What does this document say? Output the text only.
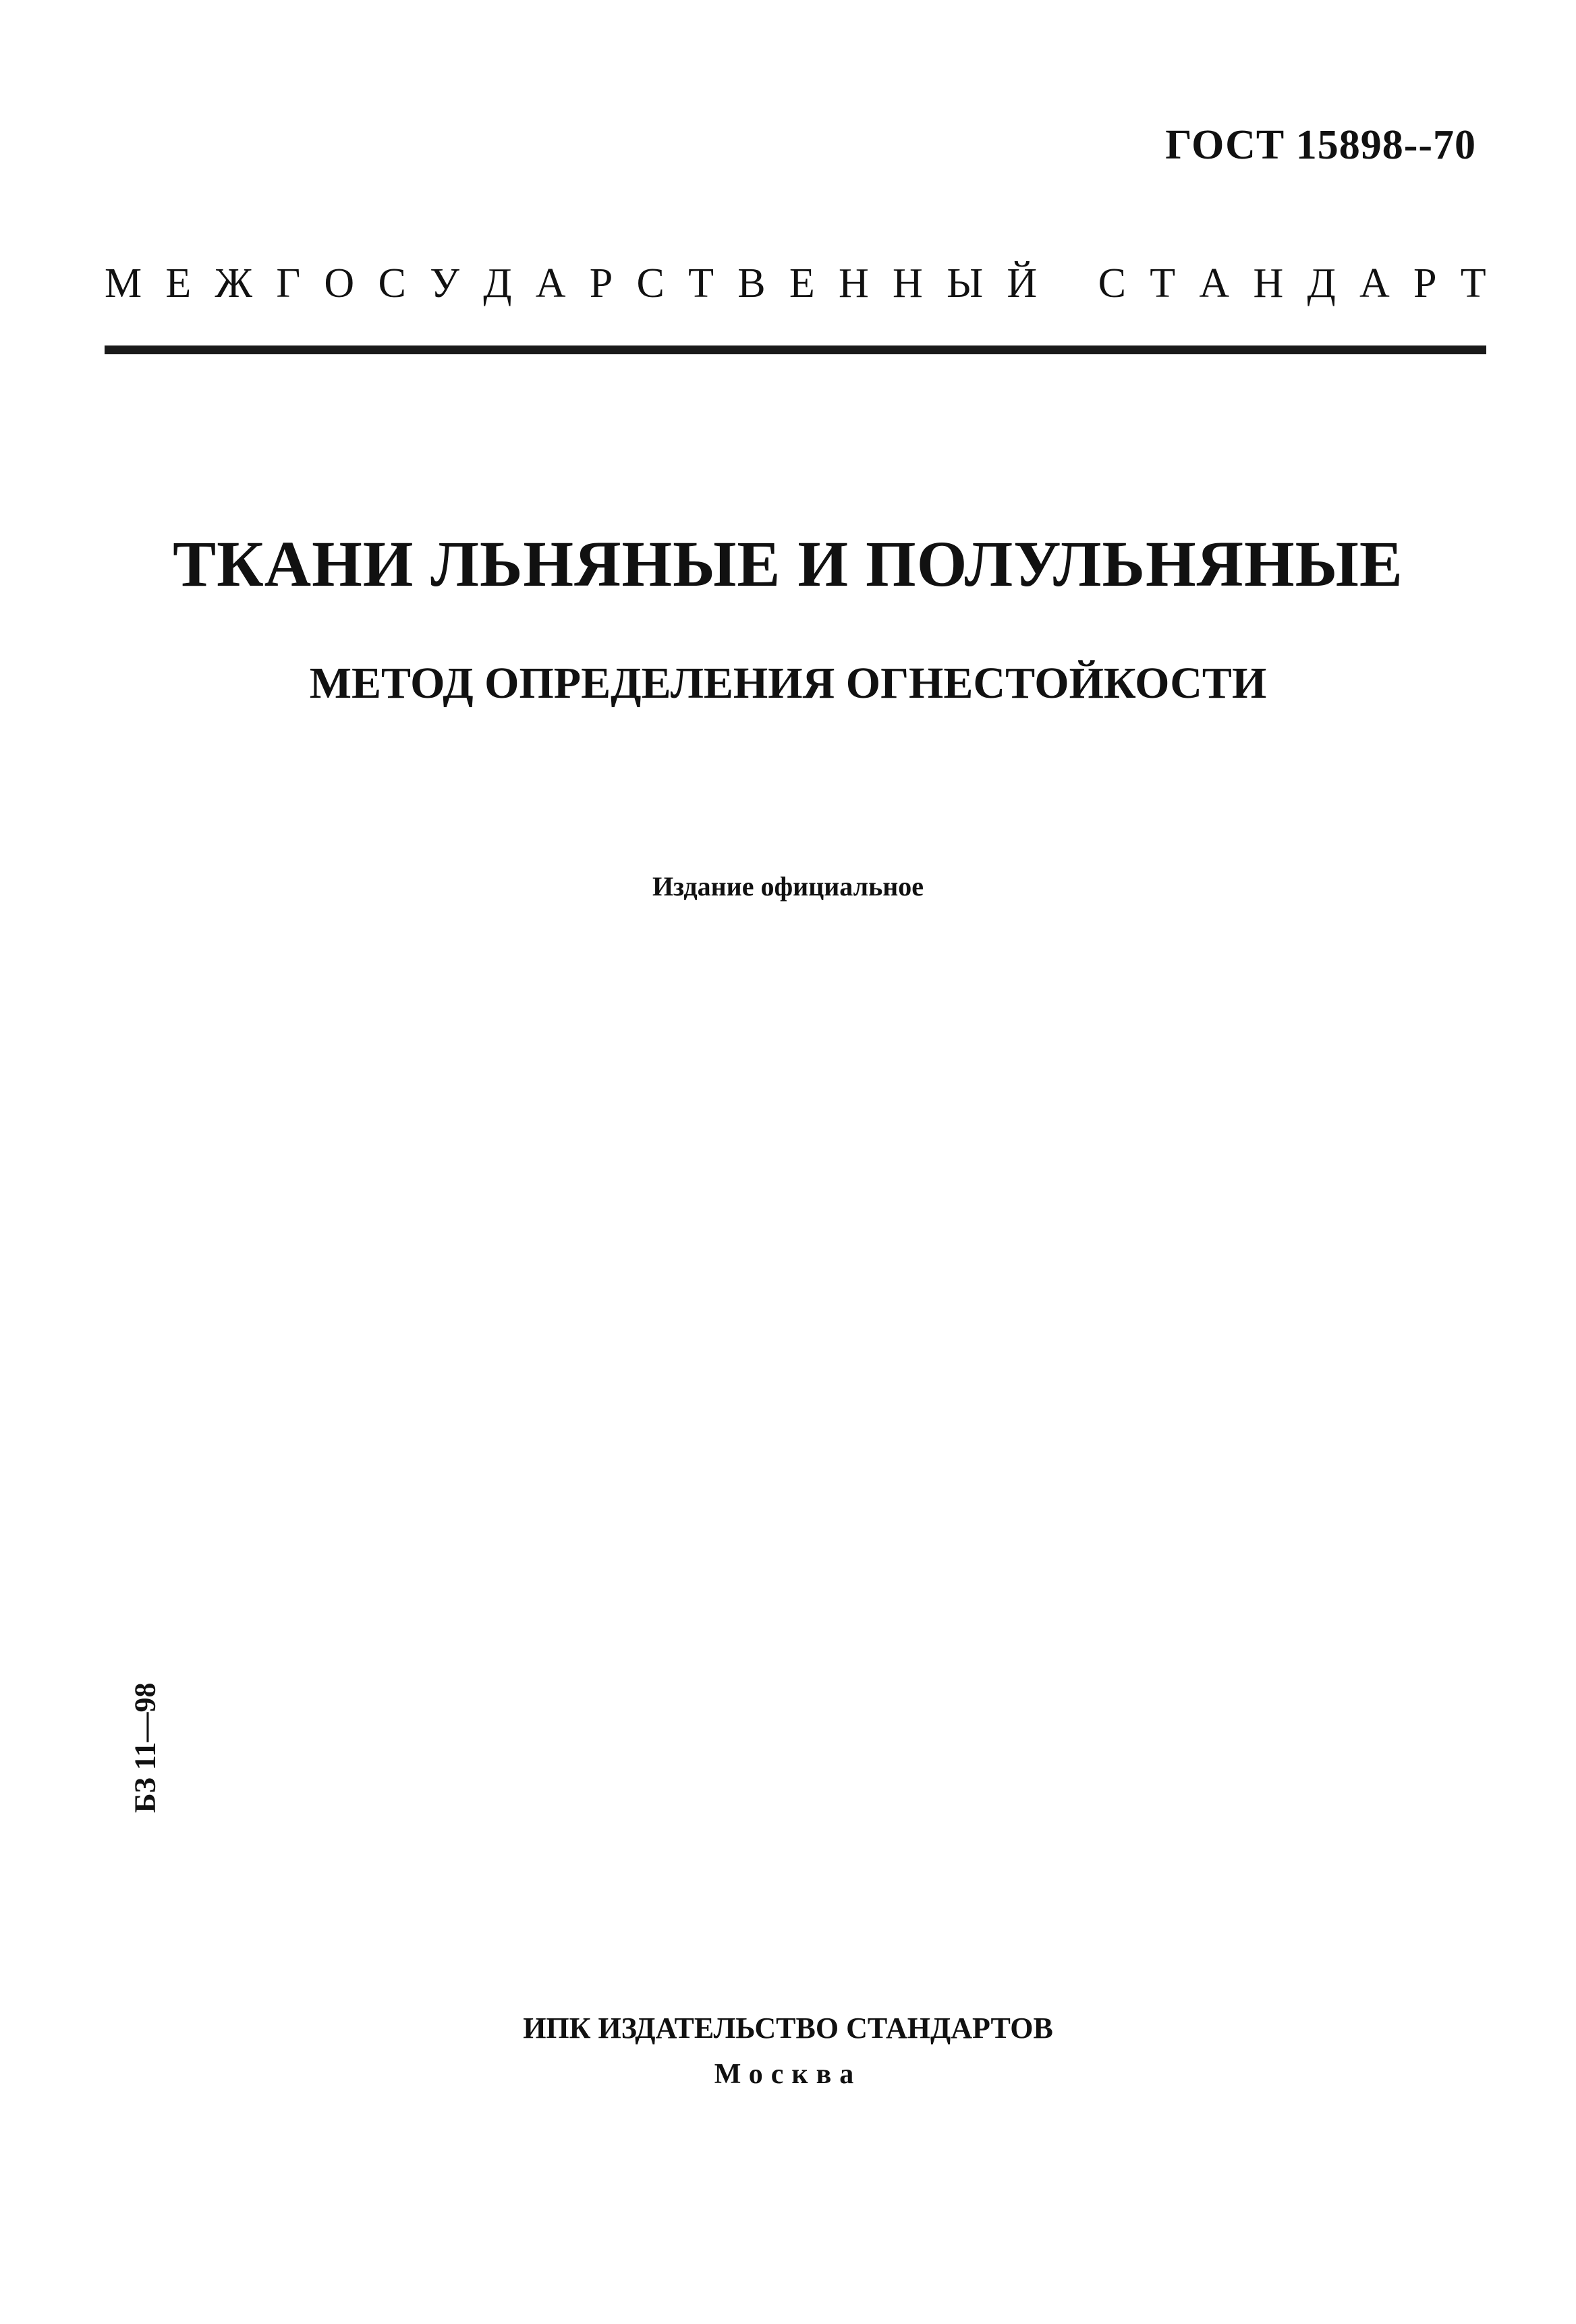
ГОСТ 15898--70
М Е Ж Г О С У Д А Р С Т В Е Н Н Ы Й С Т А Н Д А Р Т
ТКАНИ ЛЬНЯНЫЕ И ПОЛУЛЬНЯНЫЕ
МЕТОД ОПРЕДЕЛЕНИЯ ОГНЕСТОЙКОСТИ
Издание официальное
БЗ 11—98
ИПК ИЗДАТЕЛЬСТВО СТАНДАРТОВ
Москва
